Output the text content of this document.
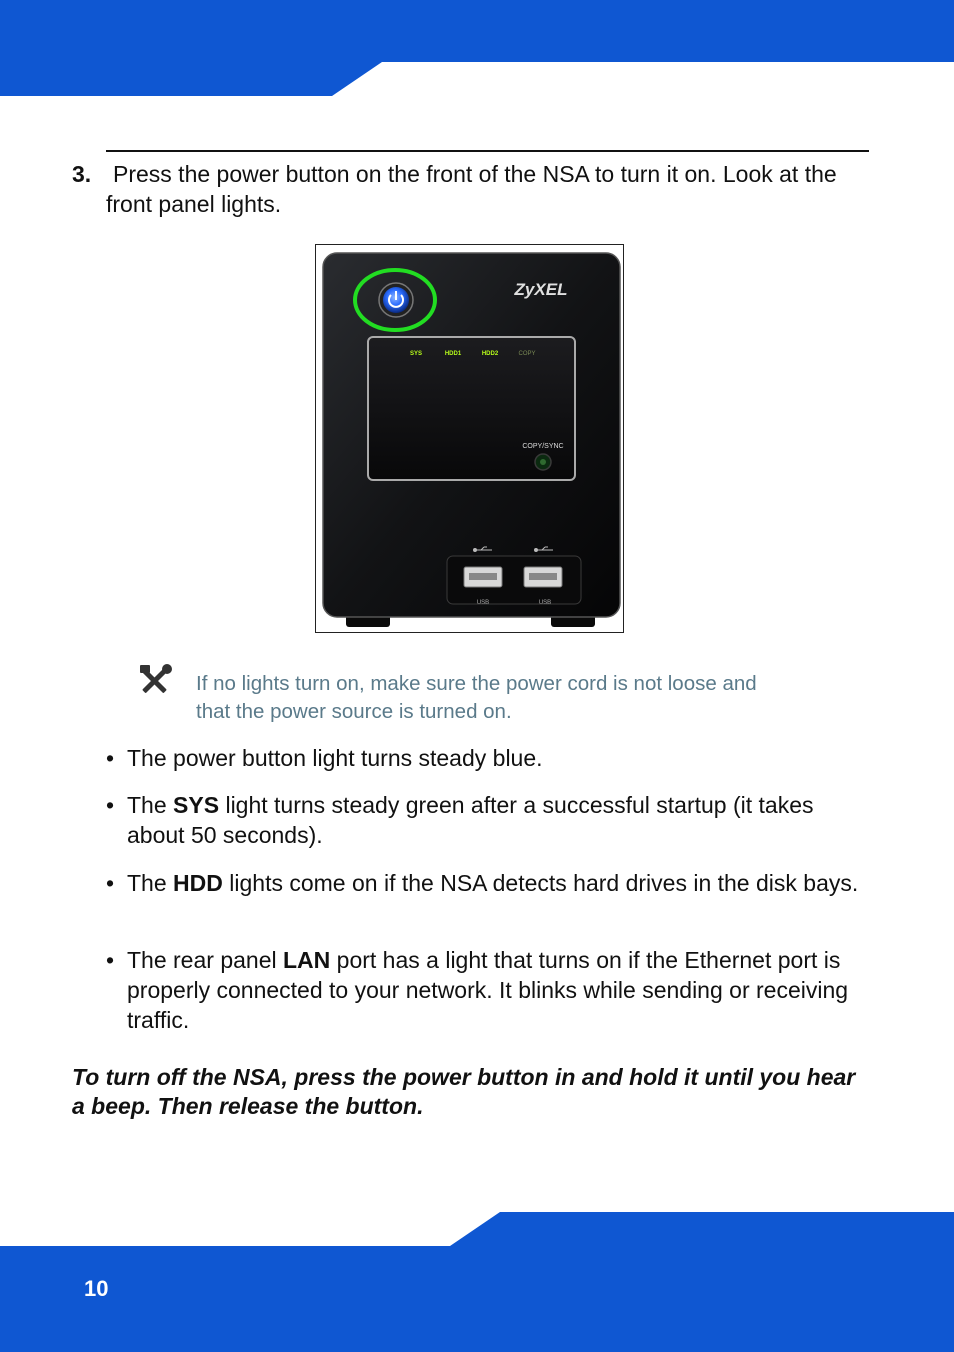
3. Press the power button on the front of the NSA to turn it on. Look at the front panel lights.
ZyXEL
SYS	HDD1	HDD2	COPY
COPY/SYNC
USB	USB
If no lights turn on, make sure the power cord is not loose and that the power source is turned on.
• The power button light turns steady blue.
• The SYS light turns steady green after a successful startup (it takes about 50 seconds).
• The HDD lights come on if the NSA detects hard drives in the disk bays.
• The rear panel LAN port has a light that turns on if the Ethernet port is properly connected to your network. It blinks while sending or receiving traffic.
To turn off the NSA, press the power button in and hold it until you hear a beep. Then release the button.
10
